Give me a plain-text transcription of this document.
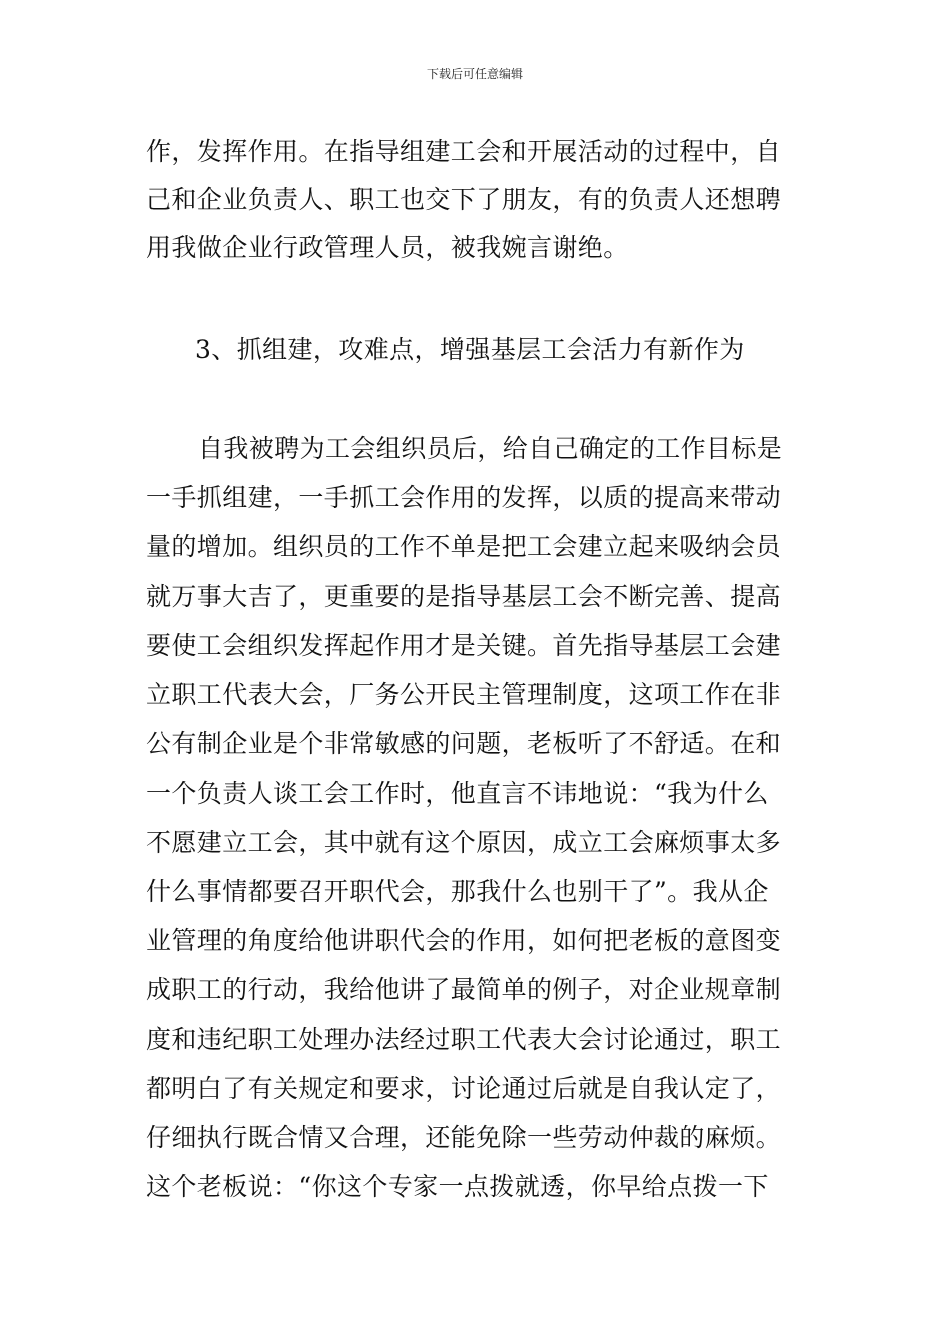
下载后可任意编辑
作，发挥作用。在指导组建工会和开展活动的过程中，自
己和企业负责人、职工也交下了朋友，有的负责人还想聘
用我做企业行政管理人员，被我婉言谢绝。
3、抓组建，攻难点，增强基层工会活力有新作为
自我被聘为工会组织员后，给自己确定的工作目标是
一手抓组建，一手抓工会作用的发挥，以质的提高来带动
量的增加。组织员的工作不单是把工会建立起来吸纳会员
就万事大吉了，更重要的是指导基层工会不断完善、提高
要使工会组织发挥起作用才是关键。首先指导基层工会建
立职工代表大会，厂务公开民主管理制度，这项工作在非
公有制企业是个非常敏感的问题，老板听了不舒适。在和
一个负责人谈工会工作时，他直言不讳地说：“我为什么
不愿建立工会，其中就有这个原因，成立工会麻烦事太多
什么事情都要召开职代会，那我什么也别干了”。我从企
业管理的角度给他讲职代会的作用，如何把老板的意图变
成职工的行动，我给他讲了最简单的例子，对企业规章制
度和违纪职工处理办法经过职工代表大会讨论通过，职工
都明白了有关规定和要求，讨论通过后就是自我认定了，
仔细执行既合情又合理，还能免除一些劳动仲裁的麻烦。
这个老板说：“你这个专家一点拨就透，你早给点拨一下
